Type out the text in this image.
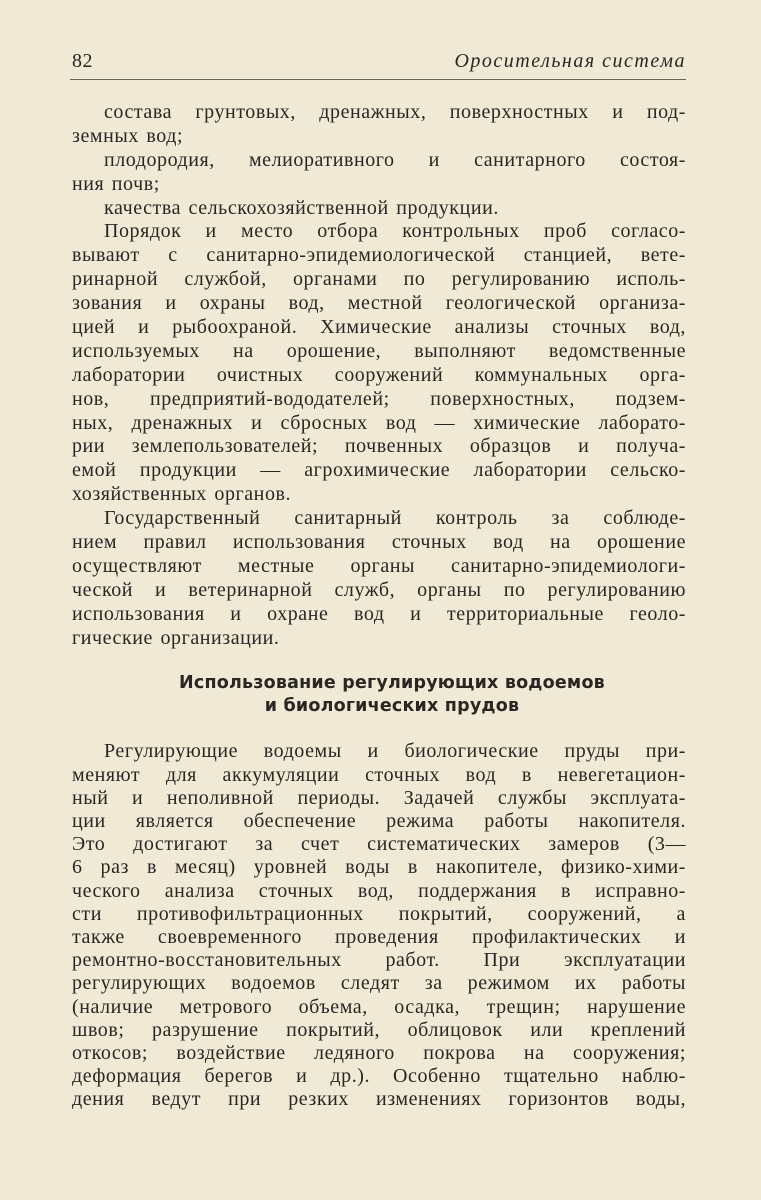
82	Оросительная система
состава грунтовых, дренажных, поверхностных и под-
земных вод;
плодородия, мелиоративного и санитарного состоя-
ния почв;
качества сельскохозяйственной продукции.
Порядок и место отбора контрольных проб согласо-
вывают с санитарно-эпидемиологической станцией, вете-
ринарной службой, органами по регулированию исполь-
зования и охраны вод, местной геологической организа-
цией и рыбоохраной. Химические анализы сточных вод,
используемых на орошение, выполняют ведомственные
лаборатории очистных сооружений коммунальных орга-
нов, предприятий-вододателей; поверхностных, подзем-
ных, дренажных и сбросных вод — химические лаборато-
рии землепользователей; почвенных образцов и получа-
емой продукции — агрохимические лаборатории сельско-
хозяйственных органов.
Государственный санитарный контроль за соблюде-
нием правил использования сточных вод на орошение
осуществляют местные органы санитарно-эпидемиологи-
ческой и ветеринарной служб, органы по регулированию
использования и охране вод и территориальные геоло-
гические организации.
Использование регулирующих водоемов
и биологических прудов
Регулирующие водоемы и биологические пруды при-
меняют для аккумуляции сточных вод в невегетацион-
ный и неполивной периоды. Задачей службы эксплуата-
ции является обеспечение режима работы накопителя.
Это достигают за счет систематических замеров (3—
6 раз в месяц) уровней воды в накопителе, физико-хими-
ческого анализа сточных вод, поддержания в исправно-
сти противофильтрационных покрытий, сооружений, а
также своевременного проведения профилактических и
ремонтно-восстановительных работ. При эксплуатации
регулирующих водоемов следят за режимом их работы
(наличие метрового объема, осадка, трещин; нарушение
швов; разрушение покрытий, облицовок или креплений
откосов; воздействие ледяного покрова на сооружения;
деформация берегов и др.). Особенно тщательно наблю-
дения ведут при резких изменениях горизонтов воды,
